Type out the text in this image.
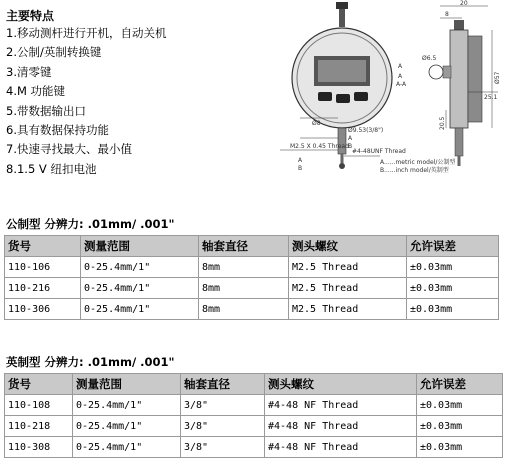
主要特点
1.移动测杆进行开机，自动关机
2.公制/英制转换键
3.清零键
4.M 功能键
5.带数据输出口
6.具有数据保持功能
7.快速寻找最大、最小值
8.1.5 V 纽扣电池
Ø8
Ø9.53(3/8")
A
B
M2.5 X 0.45 Thread
#4-48UNF Thread
A
B
A......metric model/公制型
B......inch model/英制型
20
8
Ø6.5
A-A
A
A	Ø57
25.1
20.5
公制型 分辨力: .01mm/ .001"
货号	测量范围	轴套直径	测头螺纹	允许误差
110-106	0-25.4mm/1"	8mm	M2.5 Thread	±0.03mm
110-216	0-25.4mm/1"	8mm	M2.5 Thread	±0.03mm
110-306	0-25.4mm/1"	8mm	M2.5 Thread	±0.03mm
英制型 分辨力: .01mm/ .001"
货号	测量范围	轴套直径	测头螺纹	允许误差
110-108	0-25.4mm/1"	3/8"	#4-48 NF Thread	±0.03mm
110-218	0-25.4mm/1"	3/8"	#4-48 NF Thread	±0.03mm
110-308	0-25.4mm/1"	3/8"	#4-48 NF Thread	±0.03mm
